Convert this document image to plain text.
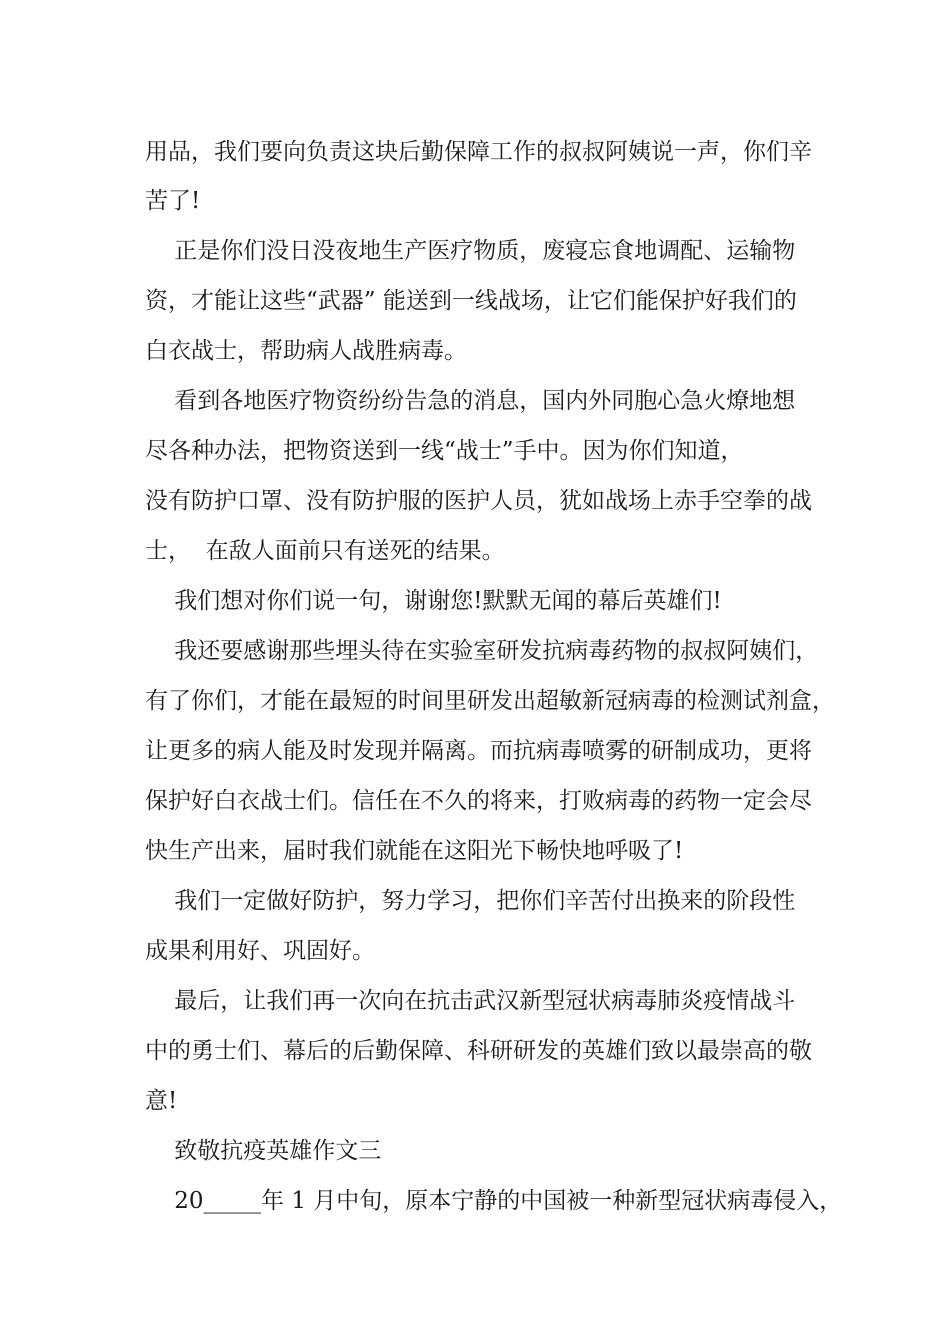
用品，我们要向负责这块后勤保障工作的叔叔阿姨说一声，你们辛
苦了!
正是你们没日没夜地生产医疗物质，废寝忘食地调配、运输物
资，才能让这些“武器” 能送到一线战场，让它们能保护好我们的
白衣战士，帮助病人战胜病毒。
看到各地医疗物资纷纷告急的消息，国内外同胞心急火燎地想
尽各种办法，把物资送到一线“战士”手中。因为你们知道，
没有防护口罩、没有防护服的医护人员，犹如战场上赤手空拳的战
士，  在敌人面前只有送死的结果。
我们想对你们说一句，谢谢您!默默无闻的幕后英雄们!
我还要感谢那些埋头待在实验室研发抗病毒药物的叔叔阿姨们，
有了你们，才能在最短的时间里研发出超敏新冠病毒的检测试剂盒，
让更多的病人能及时发现并隔离。而抗病毒喷雾的研制成功，更将
保护好白衣战士们。信任在不久的将来，打败病毒的药物一定会尽
快生产出来，届时我们就能在这阳光下畅快地呼吸了!
我们一定做好防护，努力学习，把你们辛苦付出换来的阶段性
成果利用好、巩固好。
最后，让我们再一次向在抗击武汉新型冠状病毒肺炎疫情战斗
中的勇士们、幕后的后勤保障、科研研发的英雄们致以最崇高的敬
意!
致敬抗疫英雄作文三
20_____年 1 月中旬，原本宁静的中国被一种新型冠状病毒侵入，
